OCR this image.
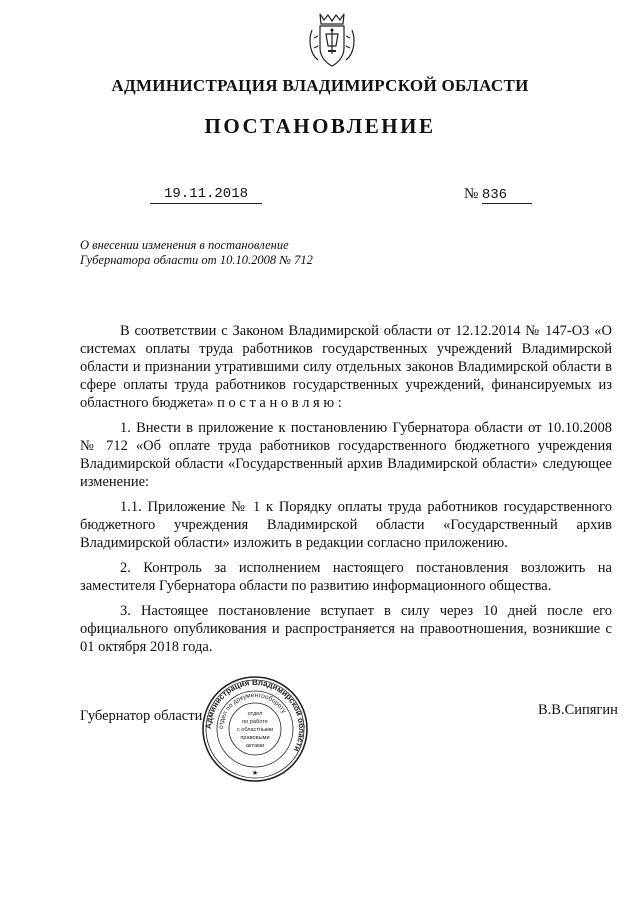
АДМИНИСТРАЦИЯ ВЛАДИМИРСКОЙ ОБЛАСТИ
ПОСТАНОВЛЕНИЕ
19.11.2018	№ 836
О внесении изменения в постановление
Губернатора области от 10.10.2008 № 712

В соответствии с Законом Владимирской области от 12.12.2014 № 147-ОЗ «О системах оплаты труда работников государственных учреждений Владимирской области и признании утратившими силу отдельных законов Владимирской области в сфере оплаты труда работников государственных учреждений, финансируемых из областного бюджета» п о с т а н о в л я ю :

1. Внести в приложение к постановлению Губернатора области от 10.10.2008 № 712 «Об оплате труда работников государственного бюджетного учреждения Владимирской области «Государственный архив Владимирской области» следующее изменение:

1.1. Приложение № 1 к Порядку оплаты труда работников государственного бюджетного учреждения Владимирской области «Государственный архив Владимирской области» изложить в редакции согласно приложению.

2. Контроль за исполнением настоящего постановления возложить на заместителя Губернатора области по развитию информационного общества.

3. Настоящее постановление вступает в силу через 10 дней после его официального опубликования и распространяется на правоотношения, возникшие с 01 октября 2018 года.

Губернатор области	В.В.Сипягин
Администрация Владимирской области
отдел по документообороту
отдел
по работе
с областными
правовыми
актами
★
